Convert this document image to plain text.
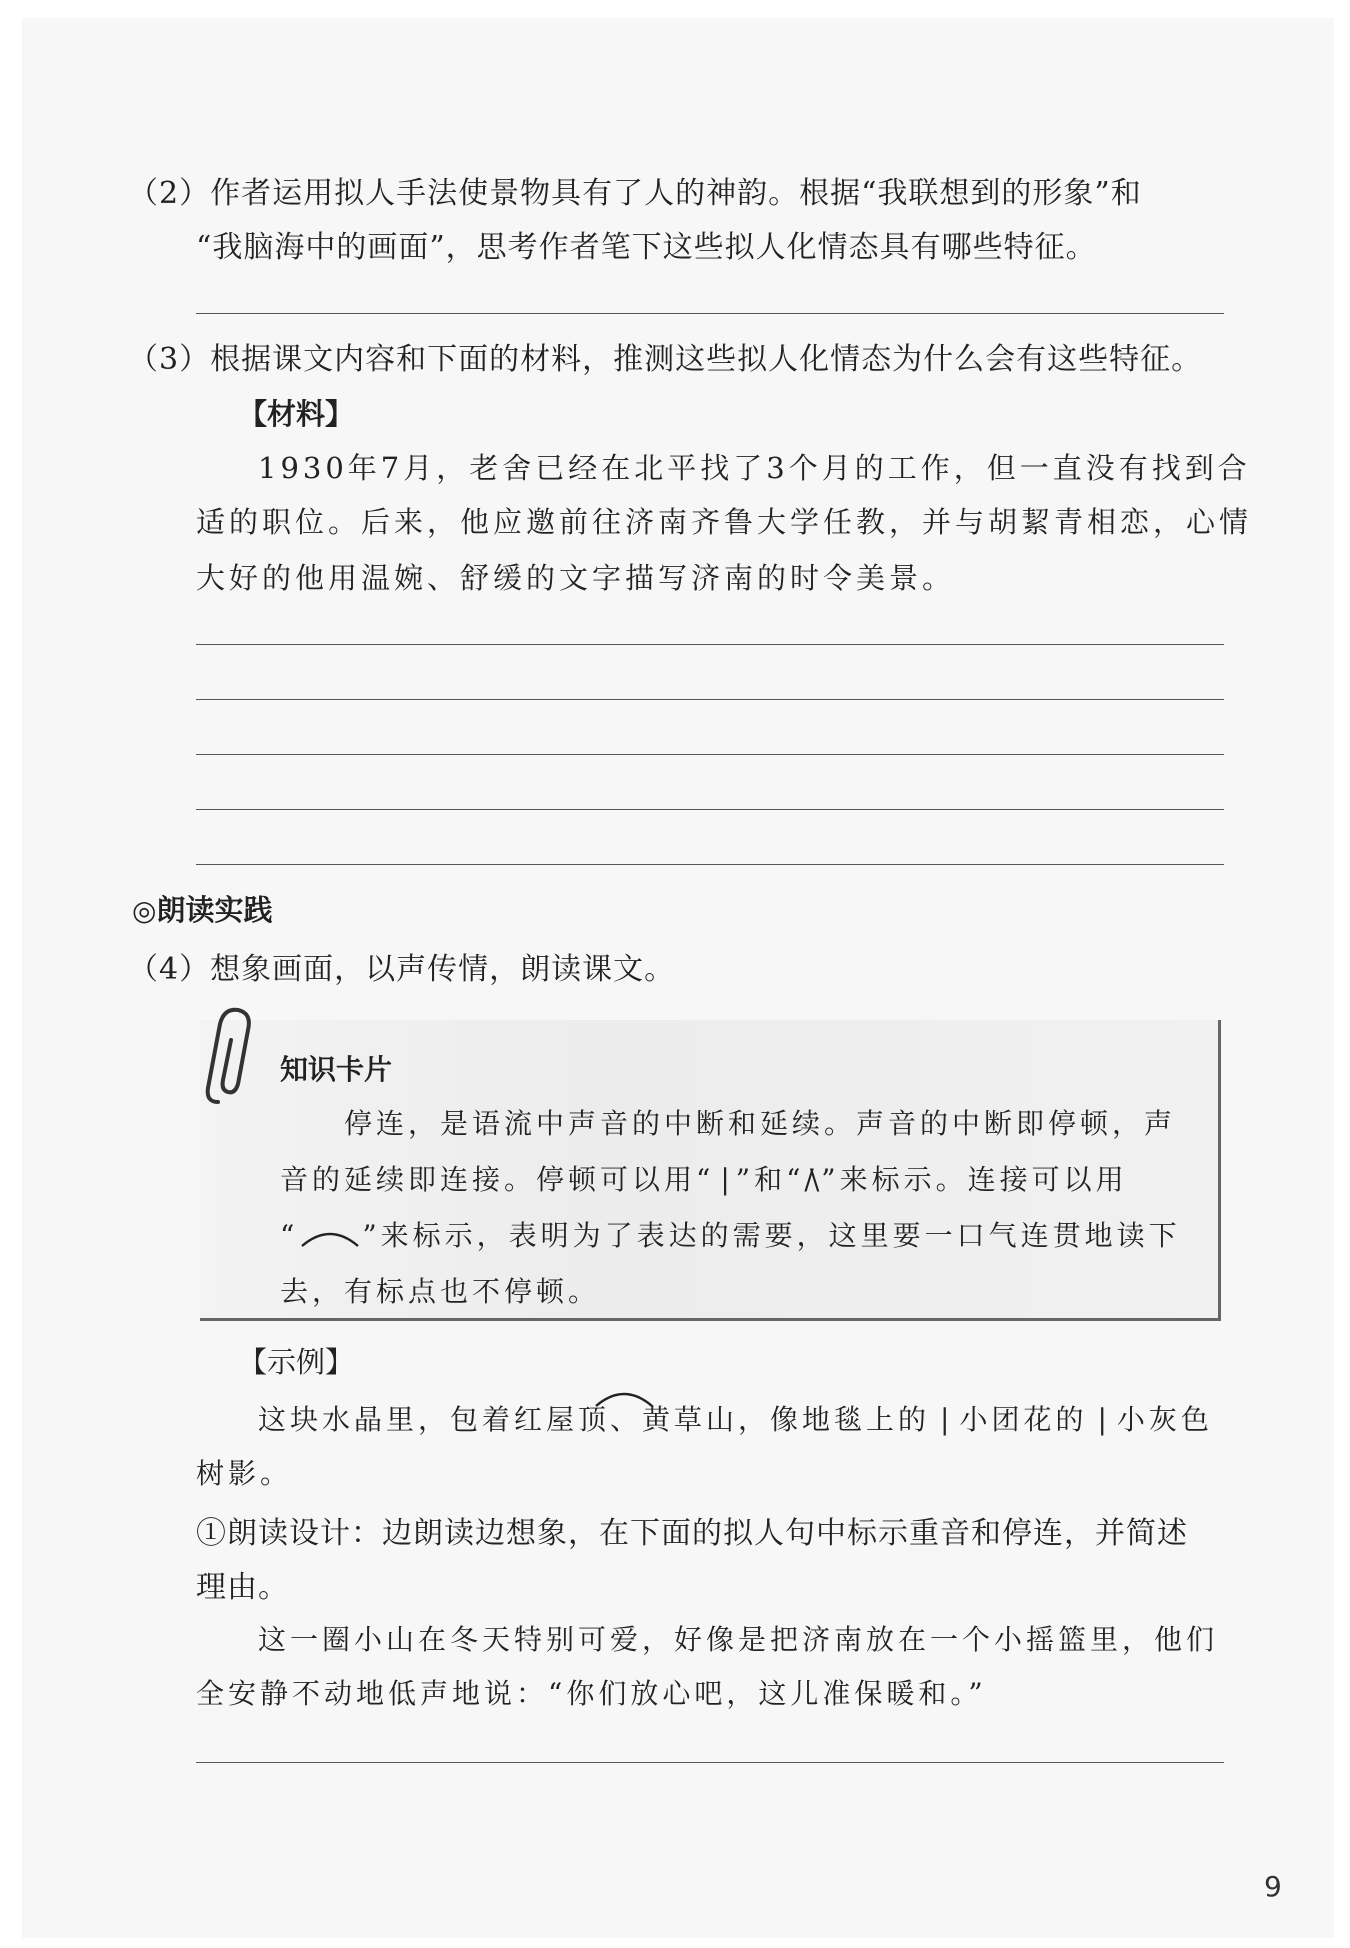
（2）作者运用拟人手法使景物具有了人的神韵。根据“我联想到的形象”和
“我脑海中的画面”，思考作者笔下这些拟人化情态具有哪些特征。
（3）根据课文内容和下面的材料，推测这些拟人化情态为什么会有这些特征。
【材料】
1930年7月，老舍已经在北平找了3个月的工作，但一直没有找到合
适的职位。后来，他应邀前往济南齐鲁大学任教，并与胡絜青相恋，心情
大好的他用温婉、舒缓的文字描写济南的时令美景。
◎朗读实践
（4）想象画面，以声传情，朗读课文。
知识卡片
停连，是语流中声音的中断和延续。声音的中断即停顿，声
音的延续即连接。停顿可以用“ | ”和“/\ ”来标示。连接可以用
“ ”来标示，表明为了表达的需要，这里要一口气连贯地读下
去，有标点也不停顿。
【示例】
这块水晶里，包着红屋顶、黄草山，像地毯上的 | 小团花的 | 小灰色
树影。
①朗读设计：边朗读边想象，在下面的拟人句中标示重音和停连，并简述
理由。
这一圈小山在冬天特别可爱，好像是把济南放在一个小摇篮里，他们
全安静不动地低声地说：“你们放心吧，这儿准保暖和。”
9
